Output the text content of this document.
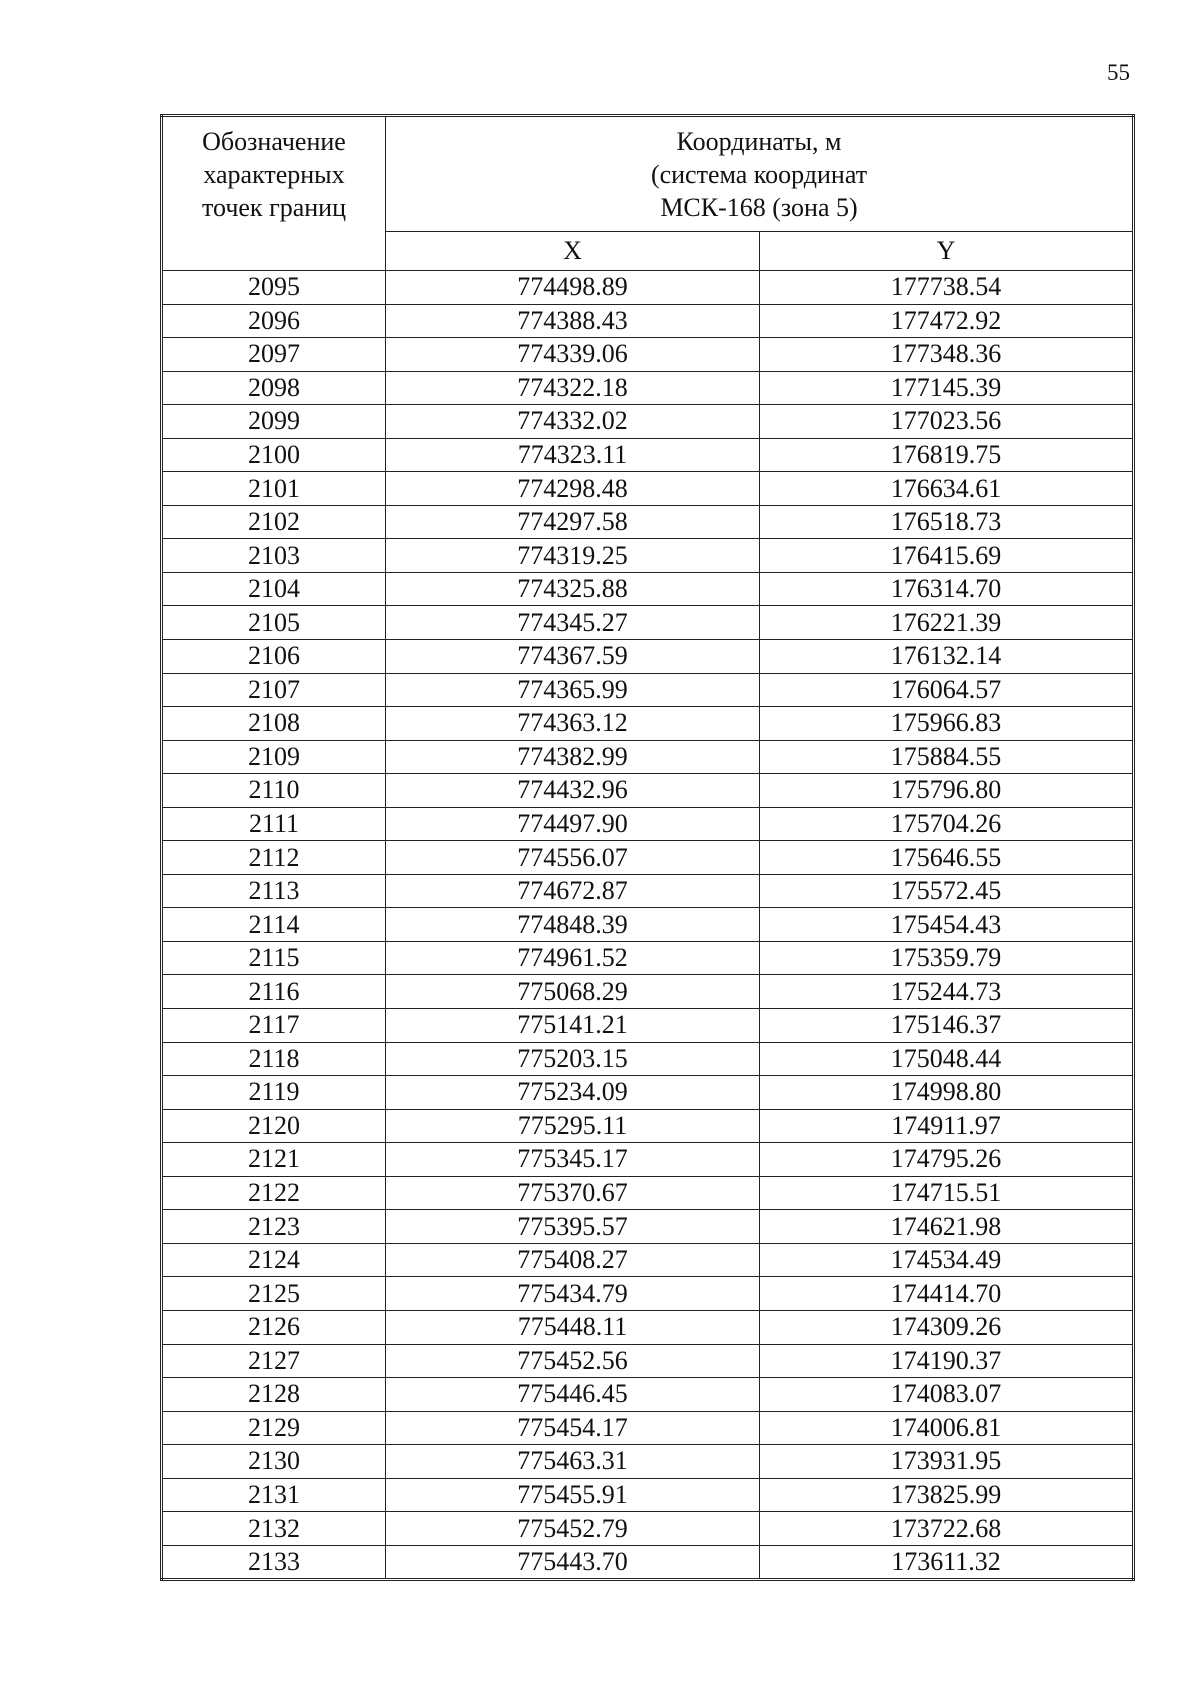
55
Обозначение
характерных
точек границ	Координаты, м
(система координат
МСК-168 (зона 5)	

	X	Y
2095	774498.89	177738.54
2096	774388.43	177472.92
2097	774339.06	177348.36
2098	774322.18	177145.39
2099	774332.02	177023.56
2100	774323.11	176819.75
2101	774298.48	176634.61
2102	774297.58	176518.73
2103	774319.25	176415.69
2104	774325.88	176314.70
2105	774345.27	176221.39
2106	774367.59	176132.14
2107	774365.99	176064.57
2108	774363.12	175966.83
2109	774382.99	175884.55
2110	774432.96	175796.80
2111	774497.90	175704.26
2112	774556.07	175646.55
2113	774672.87	175572.45
2114	774848.39	175454.43
2115	774961.52	175359.79
2116	775068.29	175244.73
2117	775141.21	175146.37
2118	775203.15	175048.44
2119	775234.09	174998.80
2120	775295.11	174911.97
2121	775345.17	174795.26
2122	775370.67	174715.51
2123	775395.57	174621.98
2124	775408.27	174534.49
2125	775434.79	174414.70
2126	775448.11	174309.26
2127	775452.56	174190.37
2128	775446.45	174083.07
2129	775454.17	174006.81
2130	775463.31	173931.95
2131	775455.91	173825.99
2132	775452.79	173722.68
2133	775443.70	173611.32
